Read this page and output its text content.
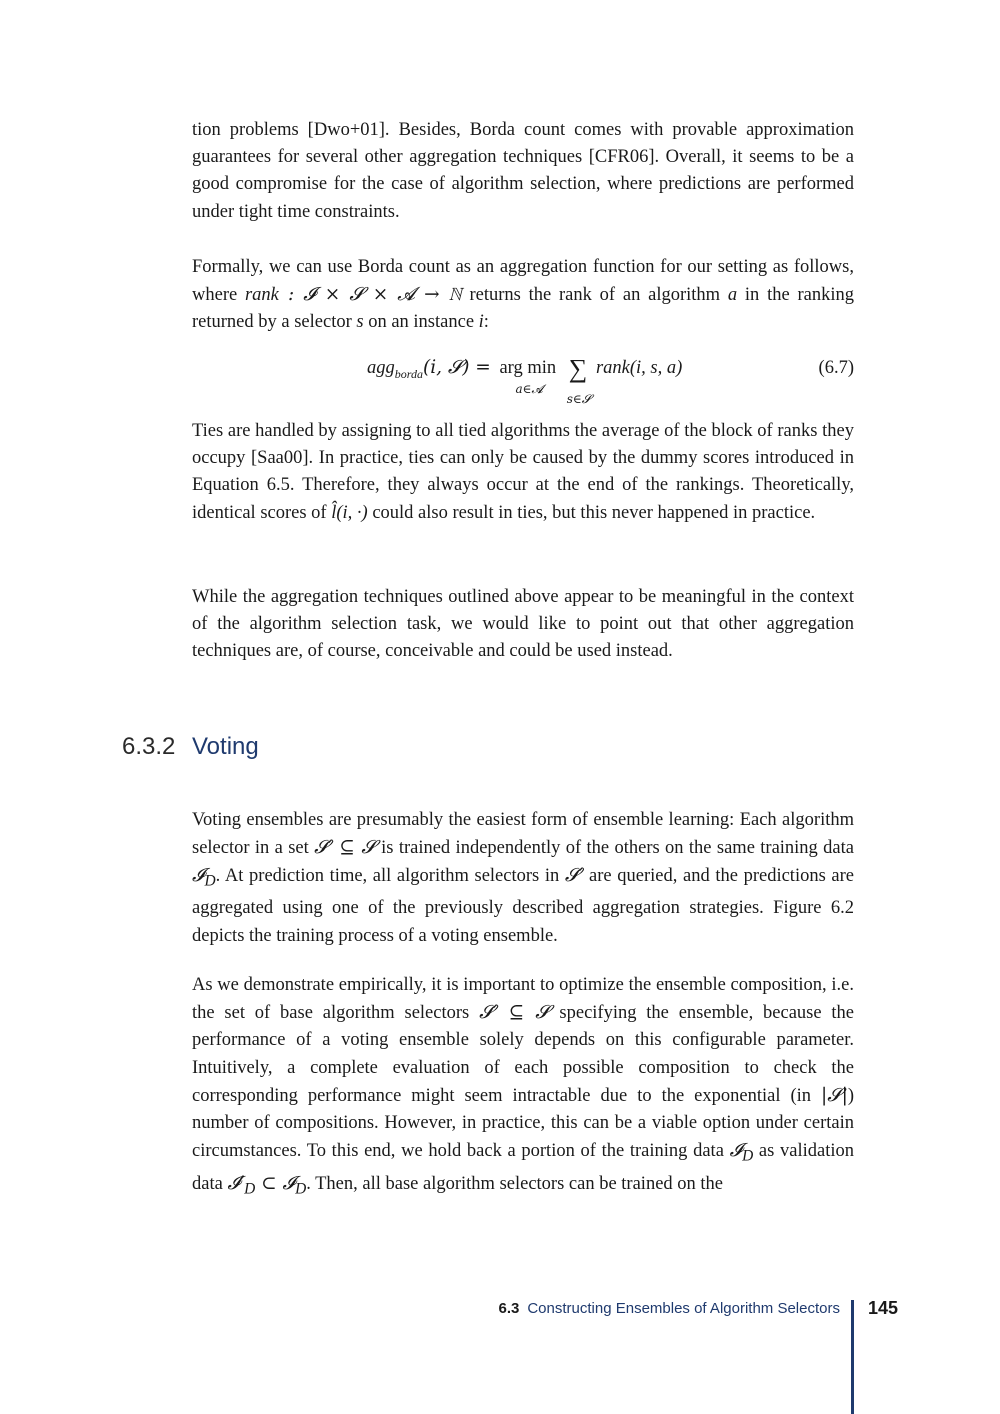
tion problems [Dwo+01]. Besides, Borda count comes with provable approximation guarantees for several other aggregation techniques [CFR06]. Overall, it seems to be a good compromise for the case of algorithm selection, where predictions are performed under tight time constraints.

Formally, we can use Borda count as an aggregation function for our setting as follows, where rank : 𝓘 × 𝓢 × 𝓐 → ℕ returns the rank of an algorithm a in the ranking returned by a selector s on an instance i:

agg$_{borda}$(i, 𝓢) = arg min
a∈𝓐
∑
s∈𝓢
rank(i, s, a)	(6.7)

Ties are handled by assigning to all tied algorithms the average of the block of ranks they occupy [Saa00]. In practice, ties can only be caused by the dummy scores introduced in Equation 6.5. Therefore, they always occur at the end of the rankings. Theoretically, identical scores of l̂(i, ·) could also result in ties, but this never happened in practice.

While the aggregation techniques outlined above appear to be meaningful in the context of the algorithm selection task, we would like to point out that other aggregation techniques are, of course, conceivable and could be used instead.

6.3.2 Voting

Voting ensembles are presumably the easiest form of ensemble learning: Each algorithm selector in a set 𝓢′ ⊆ 𝓢 is trained independently of the others on the same training data 𝓘$_D$. At prediction time, all algorithm selectors in 𝓢′ are queried, and the predictions are aggregated using one of the previously described aggregation strategies. Figure 6.2 depicts the training process of a voting ensemble.

As we demonstrate empirically, it is important to optimize the ensemble composition, i.e. the set of base algorithm selectors 𝓢′ ⊆ 𝓢 specifying the ensemble, because the performance of a voting ensemble solely depends on this configurable parameter. Intuitively, a complete evaluation of each possible composition to check the corresponding performance might seem intractable due to the exponential (in |𝓢|) number of compositions. However, in practice, this can be a viable option under certain circumstances. To this end, we hold back a portion of the training data 𝓘$_D$ as validation data $𝓘'_D$ ⊂ 𝓘$_D$. Then, all base algorithm selectors can be trained on the

6.3 Constructing Ensembles of Algorithm Selectors 145
